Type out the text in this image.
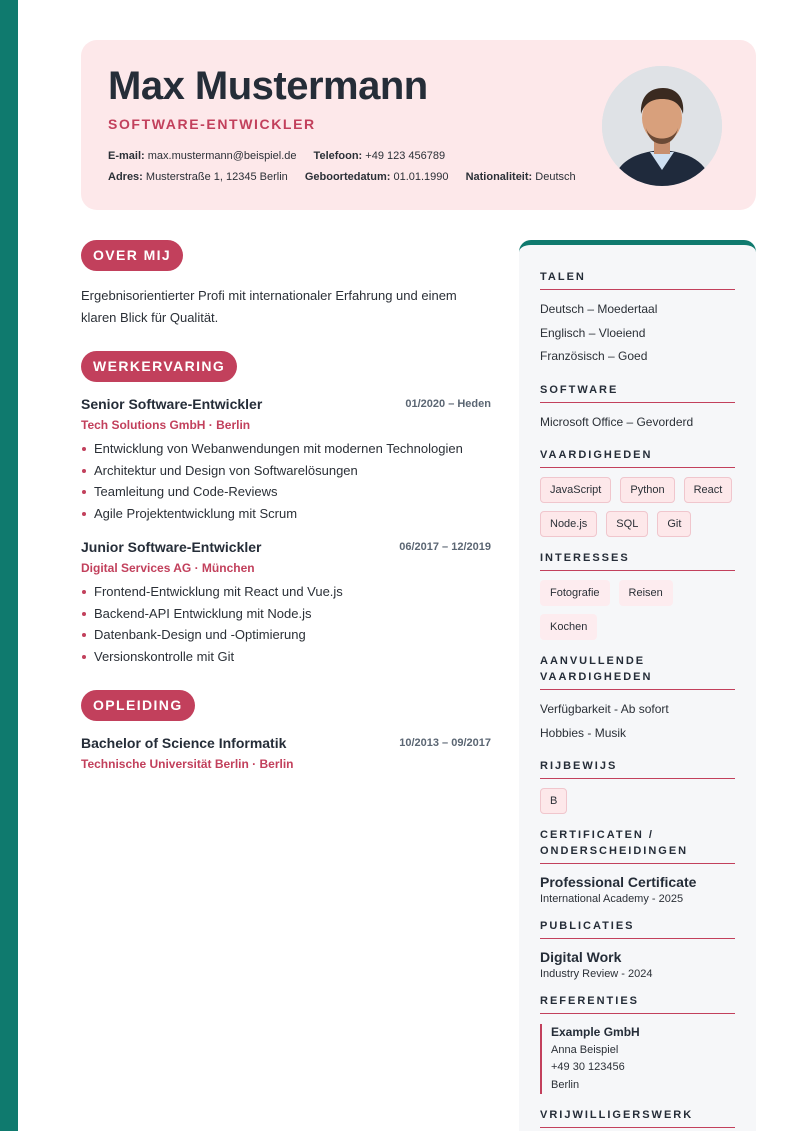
Max Mustermann
SOFTWARE-ENTWICKLER
E-mail: max.mustermann@beispiel.de Telefoon: +49 123 456789
Adres: Musterstraße 1, 12345 Berlin Geboortedatum: 01.01.1990 Nationaliteit: Deutsch
OVER MIJ
Ergebnisorientierter Profi mit internationaler Erfahrung und einem klaren Blick für Qualität.
WERKERVARING
Senior Software-Entwickler	01/2020 – Heden
Tech Solutions GmbH · Berlin
Entwicklung von Webanwendungen mit modernen Technologien
Architektur und Design von Softwarelösungen
Teamleitung und Code-Reviews
Agile Projektentwicklung mit Scrum
Junior Software-Entwickler	06/2017 – 12/2019
Digital Services AG · München
Frontend-Entwicklung mit React und Vue.js
Backend-API Entwicklung mit Node.js
Datenbank-Design und -Optimierung
Versionskontrolle mit Git
OPLEIDING
Bachelor of Science Informatik	10/2013 – 09/2017
Technische Universität Berlin · Berlin
TALEN
Deutsch – Moedertaal
Englisch – Vloeiend
Französisch – Goed
SOFTWARE
Microsoft Office – Gevorderd
VAARDIGHEDEN
JavaScript	Python	React
Node.js	SQL	Git
INTERESSES
Fotografie	Reisen
Kochen
AANVULLENDE VAARDIGHEDEN
Verfügbarkeit - Ab sofort
Hobbies - Musik
RIJBEWIJS
B
CERTIFICATEN / ONDERSCHEIDINGEN
Professional Certificate
International Academy - 2025
PUBLICATIES
Digital Work
Industry Review - 2024
REFERENTIES
Example GmbH
Anna Beispiel
+49 30 123456
Berlin
VRIJWILLIGERSWERK
